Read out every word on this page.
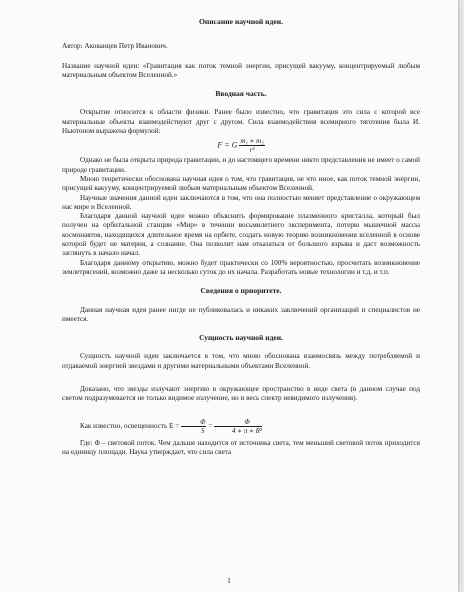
Описание научной идеи.

Автор: Акованцев Петр Иванович.

Название научной идеи: «Гравитация как поток темной энергии, присущей вакууму, концентрируемый любым материальным объектом Вселенной.»

Вводная часть.

Открытие относится к области физики. Ранее было известно, что гравитация это сила с которой все материальные объекты взаимодействуют друг с другом. Сила взаимодействия всемирного тяготения была И. Ньютоном выражена формулой:

F = G $\frac{\text{m₁ ∗ m₂}}{\text{r²}}$

Однако не была открыта природа гравитации, и до настоящего времени никто представления не имеет о самой природе гравитации.

Мною теоретически обоснована научная идея о том, что гравитация, не что иное, как поток темной энергии, присущей вакууму, концентрируемой любым материальным объектом Вселенной.

Научные значения данной идеи заключаются в том, что она полностью меняет представление о окружающем нас мире и Вселенной.

Благодаря данной научной идее можно объяснить формирование плазменного кристалла, который был получен на орбитальной станции «Мир» в течении восьмилетнего эксперимента, потерю мышечной массы космонавтов, находящихся длительное время на орбите, создать новую теорию возникновения вселенной в основе которой будет не материя, а сознание. Она позволит нам отказаться от большого взрыва и даст возможность заглянуть в начало начал.

Благодаря данному открытию, можно будет практически со 100% вероятностью, просчитать возникновение землетрясений, возможно даже за несколько суток до их начала. Разработать новые технологии и т.д. и т.п.

Сведения о приоритете.

Данная научная идея ранее нигде не публиковалась и никаких заключений организаций и специалистов не имеется.

Сущность научной идеи.

Сущность научной идеи заключается в том, что мною обоснована взаимосвязь между потребляемой и отдаваемой энергией звездами и другими материальными объектами Вселенной.

Доказано, что звезды излучают энергию в окружающее пространство в виде света (в данном случае под светом подразумевается не только видимое излучение, но и весь спектр невидимого излучения).

Как известно, освещенность $E = \frac{\Phi}{S} = \frac{\Phi}{\text{4 ∗ π ∗ R²}}$

Где: Φ – световой поток. Чем дальше находится от источника света, тем меньший световой поток приходится на единицу площади. Наука утверждает, что сила света

1
